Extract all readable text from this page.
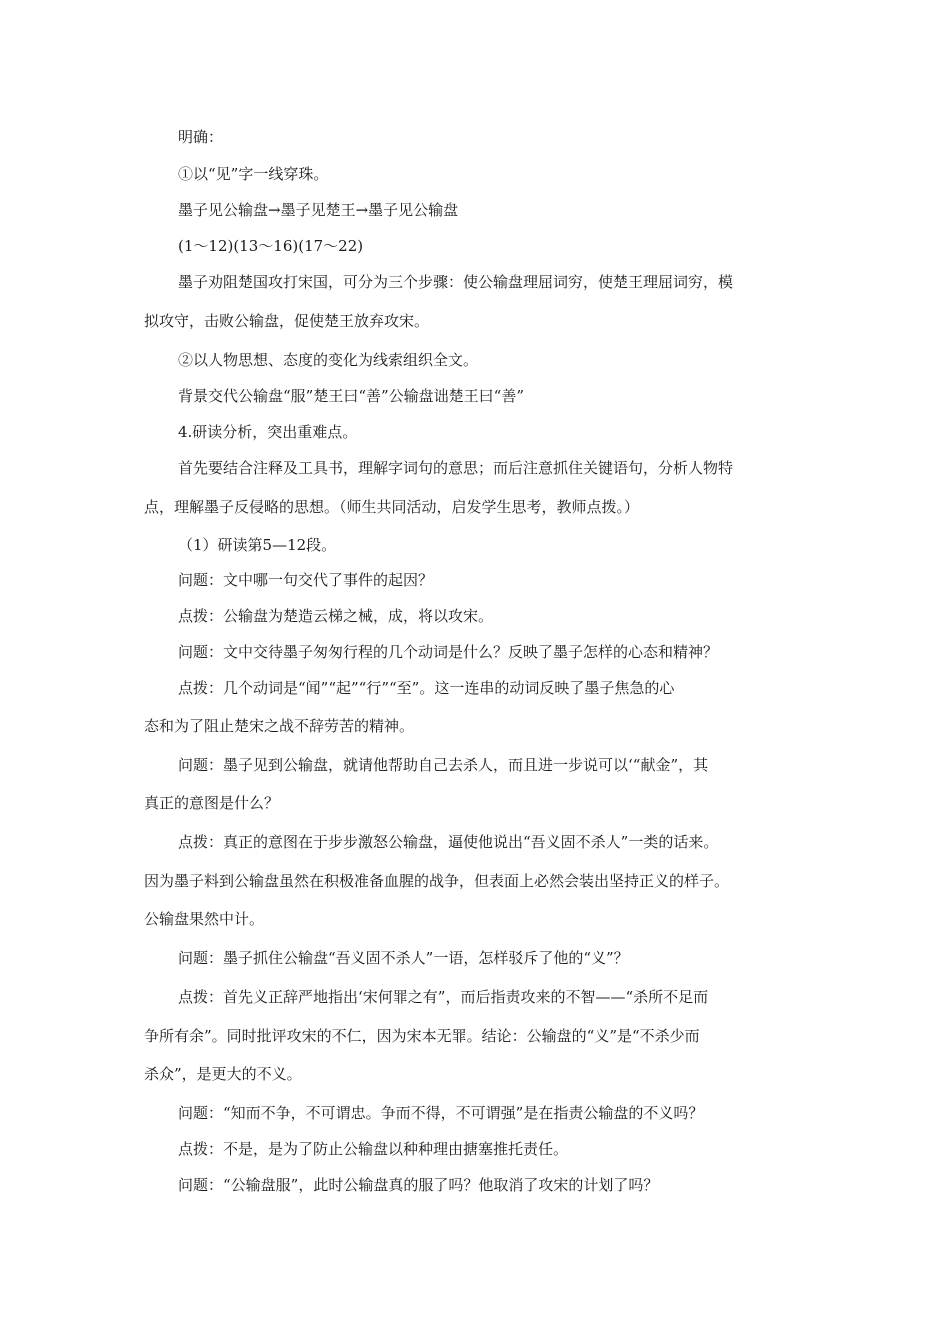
明确：
①以“见”字一线穿珠。
墨子见公输盘→墨子见楚王→墨子见公输盘
(1～12)(13～16)(17～22)
墨子劝阻楚国攻打宋国，可分为三个步骤：使公输盘理屈词穷，使楚王理屈词穷，模
拟攻守，击败公输盘，促使楚王放弃攻宋。
②以人物思想、态度的变化为线索组织全文。
背景交代公输盘“服”楚王曰“善”公输盘诎楚王曰“善”
4.研读分析，突出重难点。
首先要结合注释及工具书，理解字词句的意思；而后注意抓住关键语句，分析人物特
点，理解墨子反侵略的思想。（师生共同活动，启发学生思考，教师点拨。）
（1）研读第5—12段。
问题：文中哪一句交代了事件的起因？
点拨：公输盘为楚造云梯之械，成，将以攻宋。
问题：文中交待墨子匆匆行程的几个动词是什么？反映了墨子怎样的心态和精神？
点拨：几个动词是“闻”“起”“行”“至”。这一连串的动词反映了墨子焦急的心
态和为了阻止楚宋之战不辞劳苦的精神。
问题：墨子见到公输盘，就请他帮助自己去杀人，而且进一步说可以‘“献金”，其
真正的意图是什么？
点拨：真正的意图在于步步激怒公输盘，逼使他说出“吾义固不杀人”一类的话来。
因为墨子料到公输盘虽然在积极准备血腥的战争，但表面上必然会装出坚持正义的样子。
公输盘果然中计。
问题：墨子抓住公输盘“吾义固不杀人”一语，怎样驳斥了他的“义”？
点拨：首先义正辞严地指出‘宋何罪之有”，而后指责攻来的不智——“杀所不足而
争所有余”。同时批评攻宋的不仁，因为宋本无罪。结论：公输盘的“义”是“不杀少而
杀众”，是更大的不义。
问题：“知而不争，不可谓忠。争而不得，不可谓强”是在指责公输盘的不义吗？
点拨：不是，是为了防止公输盘以种种理由搪塞推托责任。
问题：“公输盘服”，此时公输盘真的服了吗？他取消了攻宋的计划了吗？
